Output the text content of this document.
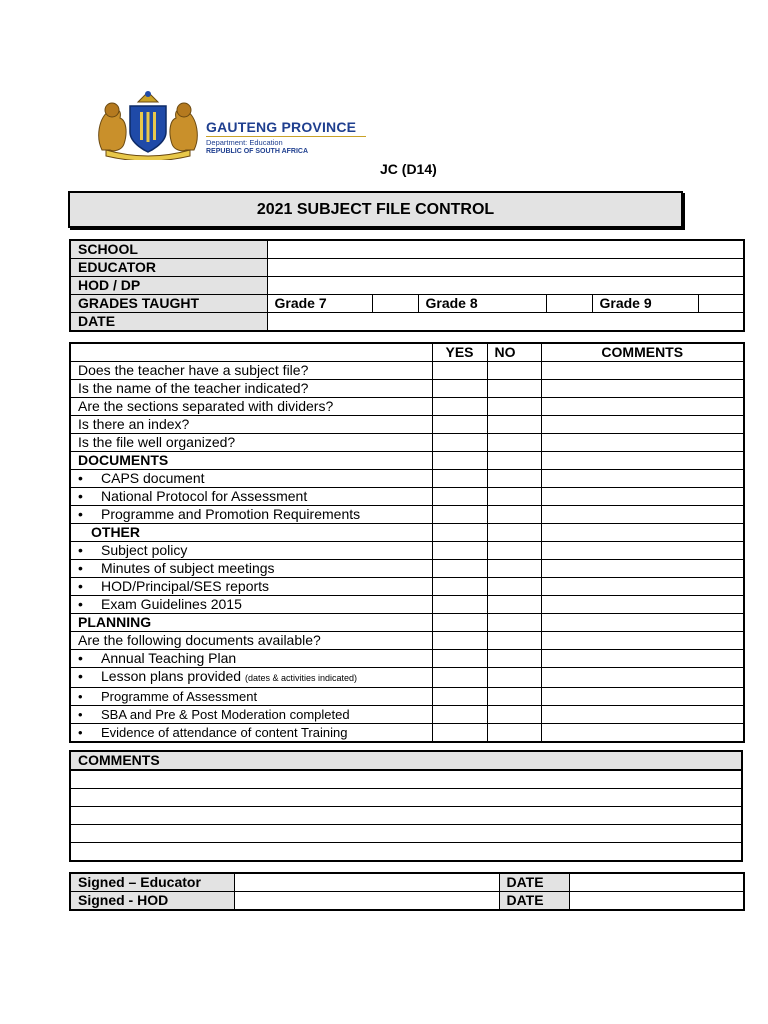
GAUTENG PROVINCE
Department: Education
REPUBLIC OF SOUTH AFRICA
JC (D14)
2021 SUBJECT FILE CONTROL
SCHOOL						
EDUCATOR						
HOD / DP						
GRADES TAUGHT	Grade 7		Grade 8		Grade 9	
DATE						
	YES	NO	COMMENTS
Does the teacher have a subject file?			
Is the name of the teacher indicated?			
Are the sections separated with dividers?			
Is there an index?			
Is the file well organized?			
DOCUMENTS			
• CAPS document			
• National Protocol for Assessment			
• Programme and Promotion Requirements			
OTHER			
• Subject policy			
• Minutes of subject meetings			
• HOD/Principal/SES reports			
• Exam Guidelines 2015			
PLANNING			
Are the following documents available?			
• Annual Teaching Plan			
• Lesson plans provided (dates & activities indicated)			
• Programme of Assessment			
• SBA and Pre & Post Moderation completed			
• Evidence of attendance of content Training			
COMMENTS

Signed – Educator		DATE	
Signed - HOD		DATE	
